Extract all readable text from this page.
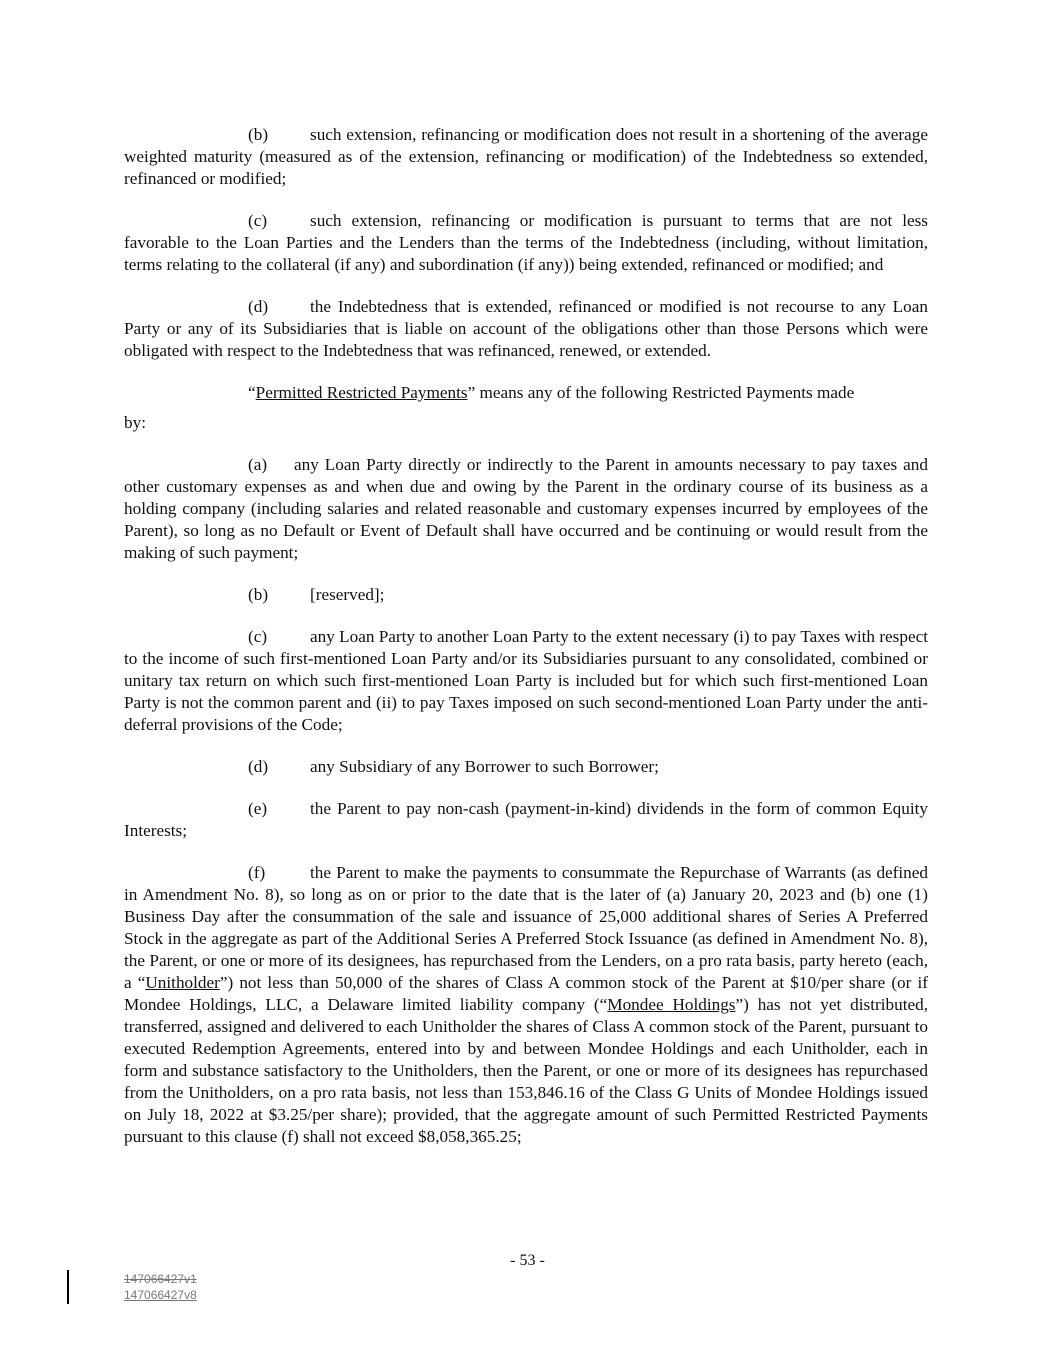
(b) such extension, refinancing or modification does not result in a shortening of the average weighted maturity (measured as of the extension, refinancing or modification) of the Indebtedness so extended, refinanced or modified;

(c) such extension, refinancing or modification is pursuant to terms that are not less favorable to the Loan Parties and the Lenders than the terms of the Indebtedness (including, without limitation, terms relating to the collateral (if any) and subordination (if any)) being extended, refinanced or modified; and

(d) the Indebtedness that is extended, refinanced or modified is not recourse to any Loan Party or any of its Subsidiaries that is liable on account of the obligations other than those Persons which were obligated with respect to the Indebtedness that was refinanced, renewed, or extended.

“Permitted Restricted Payments” means any of the following Restricted Payments made

by:

(a) any Loan Party directly or indirectly to the Parent in amounts necessary to pay taxes and other customary expenses as and when due and owing by the Parent in the ordinary course of its business as a holding company (including salaries and related reasonable and customary expenses incurred by employees of the Parent), so long as no Default or Event of Default shall have occurred and be continuing or would result from the making of such payment;

(b) [reserved];

(c) any Loan Party to another Loan Party to the extent necessary (i) to pay Taxes with respect to the income of such first-mentioned Loan Party and/or its Subsidiaries pursuant to any consolidated, combined or unitary tax return on which such first-mentioned Loan Party is included but for which such first-mentioned Loan Party is not the common parent and (ii) to pay Taxes imposed on such second-mentioned Loan Party under the anti-deferral provisions of the Code;

(d) any Subsidiary of any Borrower to such Borrower;

(e) the Parent to pay non-cash (payment-in-kind) dividends in the form of common Equity Interests;

(f)	the Parent to make the payments to consummate the Repurchase of Warrants (as defined in Amendment No. 8), so long as on or prior to the date that is the later of (a) January 20, 2023 and (b) one (1) Business Day after the consummation of the sale and issuance of 25,000 additional shares of Series A Preferred Stock in the aggregate as part of the Additional Series A Preferred Stock Issuance (as defined in Amendment No. 8), the Parent, or one or more of its designees, has repurchased from the Lenders, on a pro rata basis, party hereto (each, a “Unitholder”) not less than 50,000 of the shares of Class A common stock of the Parent at $10/per share (or if Mondee Holdings, LLC, a Delaware limited liability company (“Mondee Holdings”) has not yet distributed, transferred, assigned and delivered to each Unitholder the shares of Class A common stock of the Parent, pursuant to executed Redemption Agreements, entered into by and between Mondee Holdings and each Unitholder, each in form and substance satisfactory to the Unitholders, then the Parent, or one or more of its designees has repurchased from the Unitholders, on a pro rata basis, not less than 153,846.16 of the Class G Units of Mondee Holdings issued on July 18, 2022 at $3.25/per share); provided, that the aggregate amount of such Permitted Restricted Payments pursuant to this clause (f) shall not exceed $8,058,365.25;

- 53 -
147066427v1
147066427v8
